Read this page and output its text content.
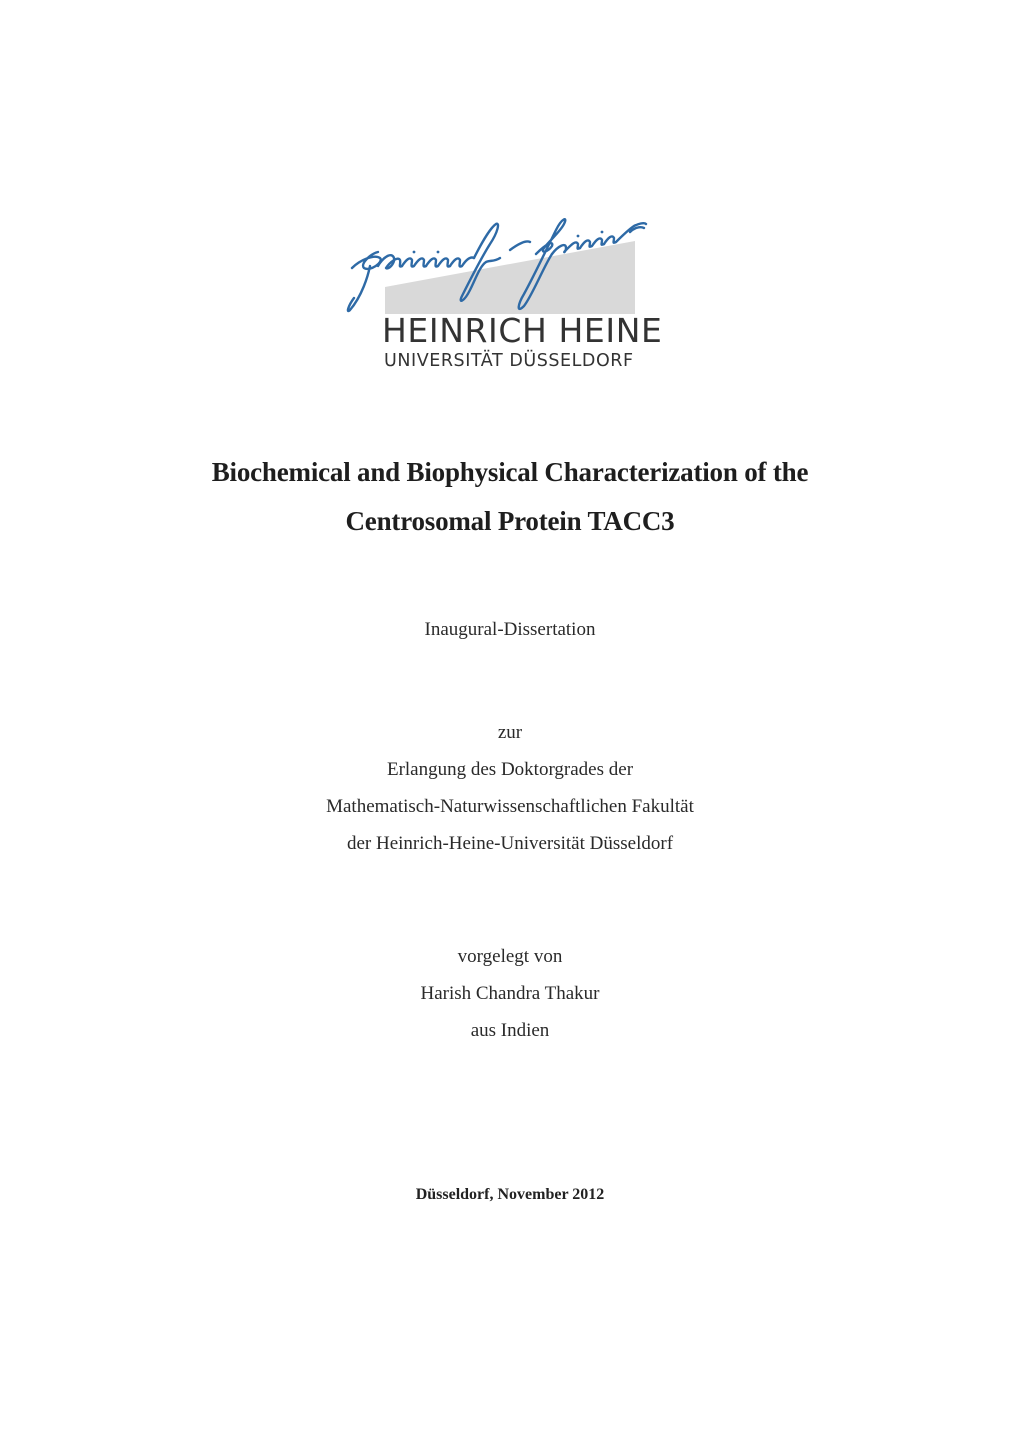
HEINRICH HEINE
UNIVERSITÄT DÜSSELDORF
Biochemical and Biophysical Characterization of the
Centrosomal Protein TACC3
Inaugural-Dissertation
zur
Erlangung des Doktorgrades der
Mathematisch-Naturwissenschaftlichen Fakultät
der Heinrich-Heine-Universität Düsseldorf
vorgelegt von
Harish Chandra Thakur
aus Indien
Düsseldorf, November 2012
